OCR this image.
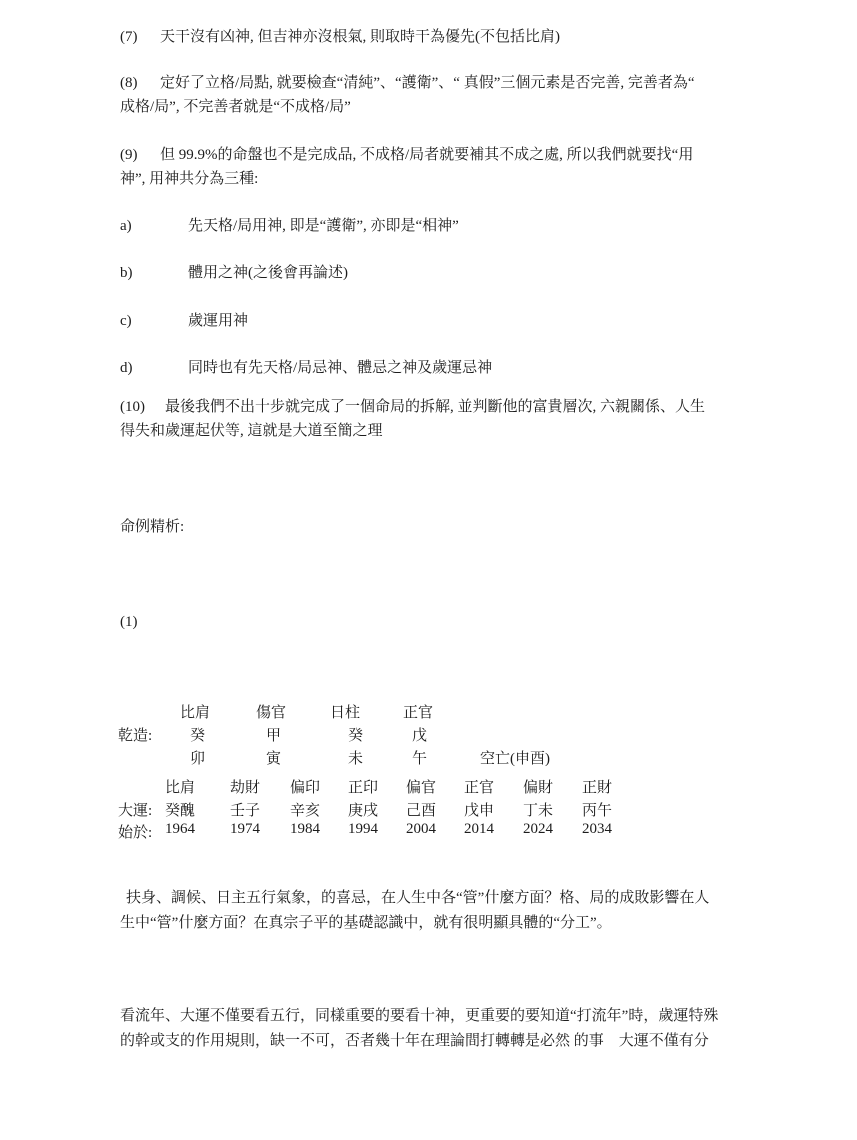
(7) 天干沒有凶神, 但吉神亦沒根氣, 則取時干為優先(不包括比肩)
(8) 定好了立格/局點, 就要檢查“清純”、“護衛”、“ 真假”三個元素是否完善, 完善者為“
成格/局”, 不完善者就是“不成格/局”
(9) 但 99.9%的命盤也不是完成品, 不成格/局者就要補其不成之處, 所以我們就要找“用
神”, 用神共分為三種:
a)	先天格/局用神, 即是“護衛”, 亦即是“相神”
b)	體用之神(之後會再論述)
c)	歲運用神
d)	同時也有先天格/局忌神、體忌之神及歲運忌神
(10) 最後我們不出十步就完成了一個命局的拆解, 並判斷他的富貴層次, 六親關係、人生
得失和歲運起伏等, 這就是大道至簡之理
命例精析:
(1)
比肩	傷官	日柱	正官
乾造:	癸	甲	癸	戊
卯	寅	未	午	空亡(申酉)
比肩 劫財 偏印 正印 偏官 正官 偏財 正財
大運: 癸醜 壬子 辛亥 庚戌 己酉 戊申 丁未 丙午
始於: 1964 1974 1984 1994 2004 2014 2024 2034
扶身、調候、日主五行氣象，的喜忌，在人生中各“管”什麼方面？格、局的成敗影響在人
生中“管”什麼方面？在真宗子平的基礎認識中，就有很明顯具體的“分工”。
看流年、大運不僅要看五行，同樣重要的要看十神，更重要的要知道“打流年”時，歲運特殊
的幹或支的作用規則，缺一不可，否者幾十年在理論間打轉轉是必然 的事　大運不僅有分
